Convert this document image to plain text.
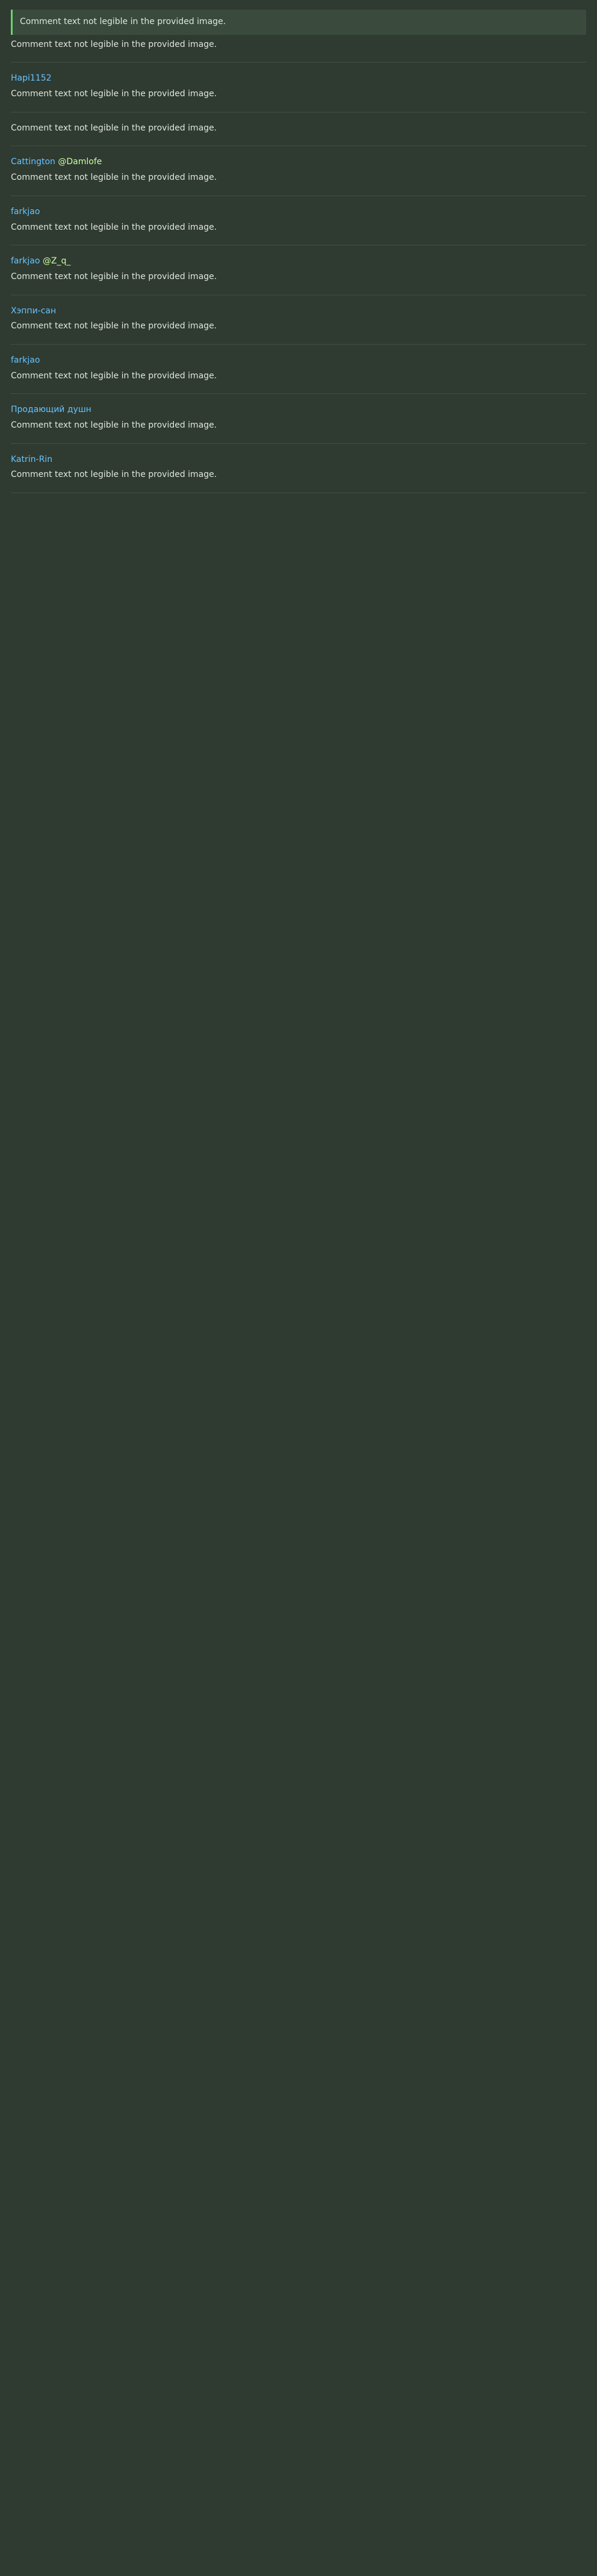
Comment text not legible in the provided image.

Comment text not legible in the provided image.

Hapi1152

Comment text not legible in the provided image.

Comment text not legible in the provided image.

Cattington @Damlofe

Comment text not legible in the provided image.

farkjao

Comment text not legible in the provided image.

farkjao @Z_q_

Comment text not legible in the provided image.

Хэппи-сан

Comment text not legible in the provided image.

farkjao

Comment text not legible in the provided image.

Продающий душн

Comment text not legible in the provided image.

Katrin-Rin

Comment text not legible in the provided image.
